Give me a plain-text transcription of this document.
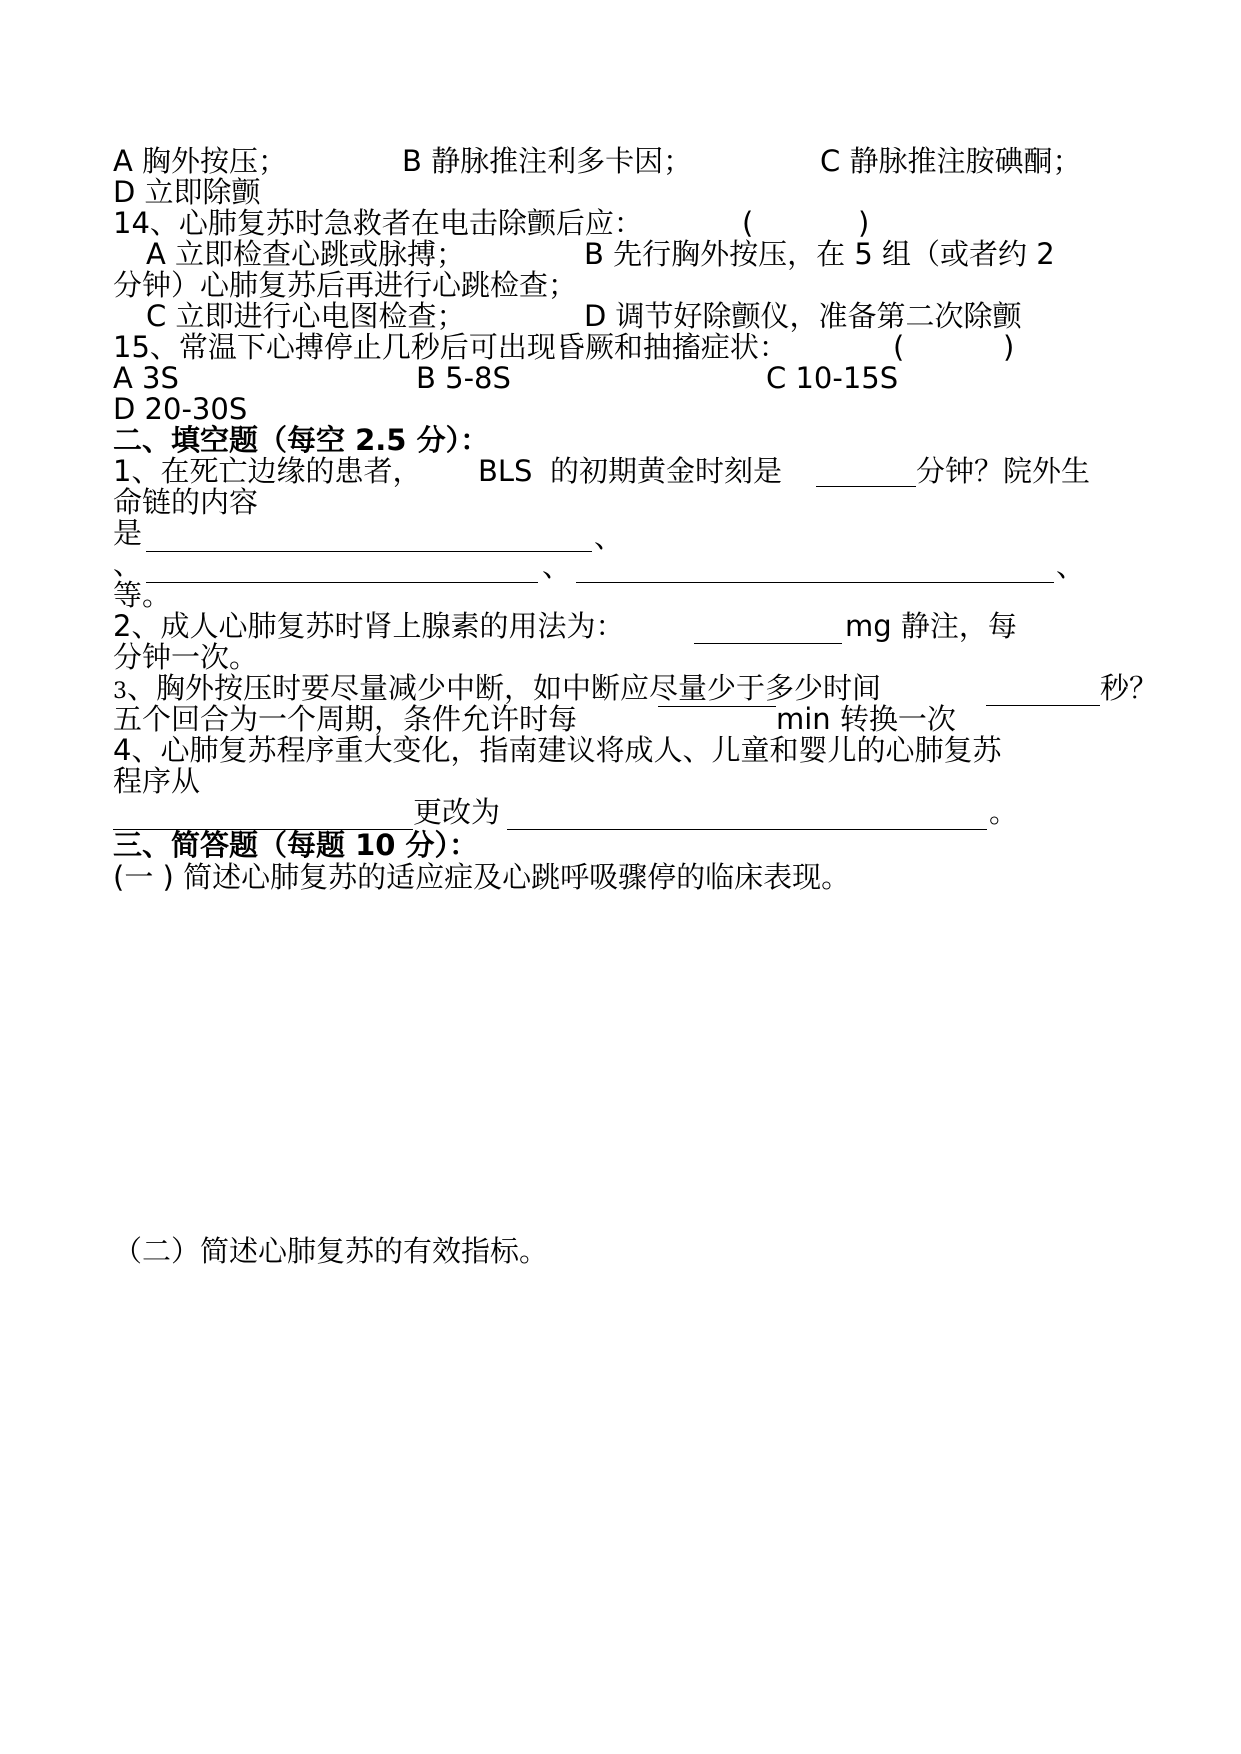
A 胸外按压；	B 静脉推注利多卡因；	C 静脉推注胺碘酮；
D 立即除颤
14、心肺复苏时急救者在电击除颤后应：	(	)
A 立即检查心跳或脉搏；	B 先行胸外按压，在 5 组（或者约 2
分钟）心肺复苏后再进行心跳检查；
C 立即进行心电图检查；	D 调节好除颤仪，准备第二次除颤
15、常温下心搏停止几秒后可出现昏厥和抽搐症状：	(	)
A 3S	B 5-8S	C 10-15S
D 20-30S
二、填空题（每空 2.5 分）：
1、在死亡边缘的患者， BLS 的初期黄金时刻是	分钟？院外生
命链的内容
是	、
、	、	、
等。
2、成人心肺复苏时肾上腺素的用法为：	mg 静注，每
分钟一次。
3、胸外按压时要尽量减少中断，如中断应尽量少于多少时间	秒？
五个回合为一个周期，条件允许时每	min 转换一次
4、心肺复苏程序重大变化，指南建议将成人、儿童和婴儿的心肺复苏
程序从
更改为	。
三、简答题（每题 10 分）：
(一 ) 简述心肺复苏的适应症及心跳呼吸骤停的临床表现。
（二）简述心肺复苏的有效指标。
